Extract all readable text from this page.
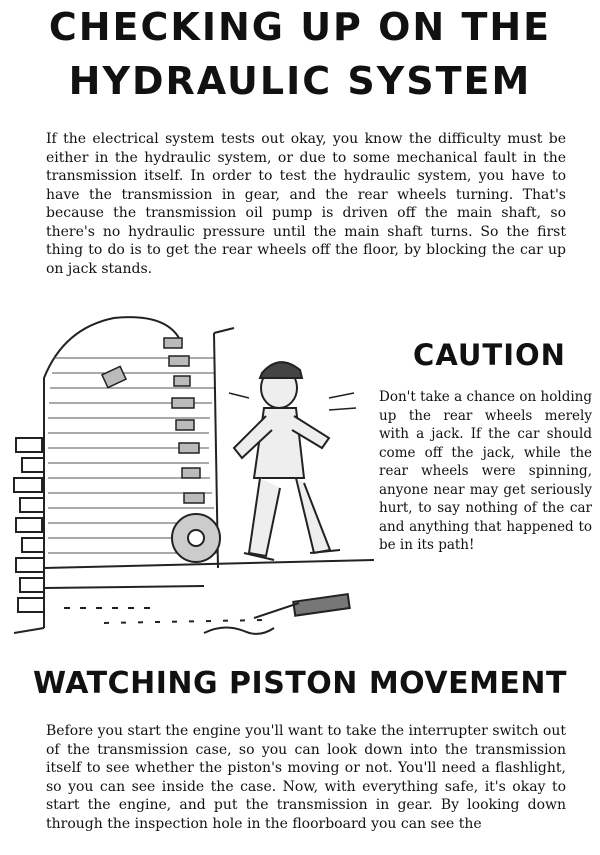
CHECKING UP ON THE
HYDRAULIC SYSTEM

If the electrical system tests out okay, you know the difficulty must be either in the hydraulic system, or due to some mechanical fault in the transmission itself. In order to test the hydraulic system, you have to have the transmission in gear, and the rear wheels turning. That's because the transmission oil pump is driven off the main shaft, so there's no hydraulic pressure until the main shaft turns. So the first thing to do is to get the rear wheels off the floor, by blocking the car up on jack stands.

CAUTION

Don't take a chance on holding up the rear wheels merely with a jack. If the car should come off the jack, while the rear wheels were spinning, anyone near may get seriously hurt, to say nothing of the car and anything that happened to be in its path!

WATCHING PISTON MOVEMENT

Before you start the engine you'll want to take the interrupter switch out of the transmission case, so you can look down into the transmission itself to see whether the piston's moving or not. You'll need a flashlight, so you can see inside the case. Now, with everything safe, it's okay to start the engine, and put the transmission in gear. By looking down through the inspection hole in the floorboard you can see the
